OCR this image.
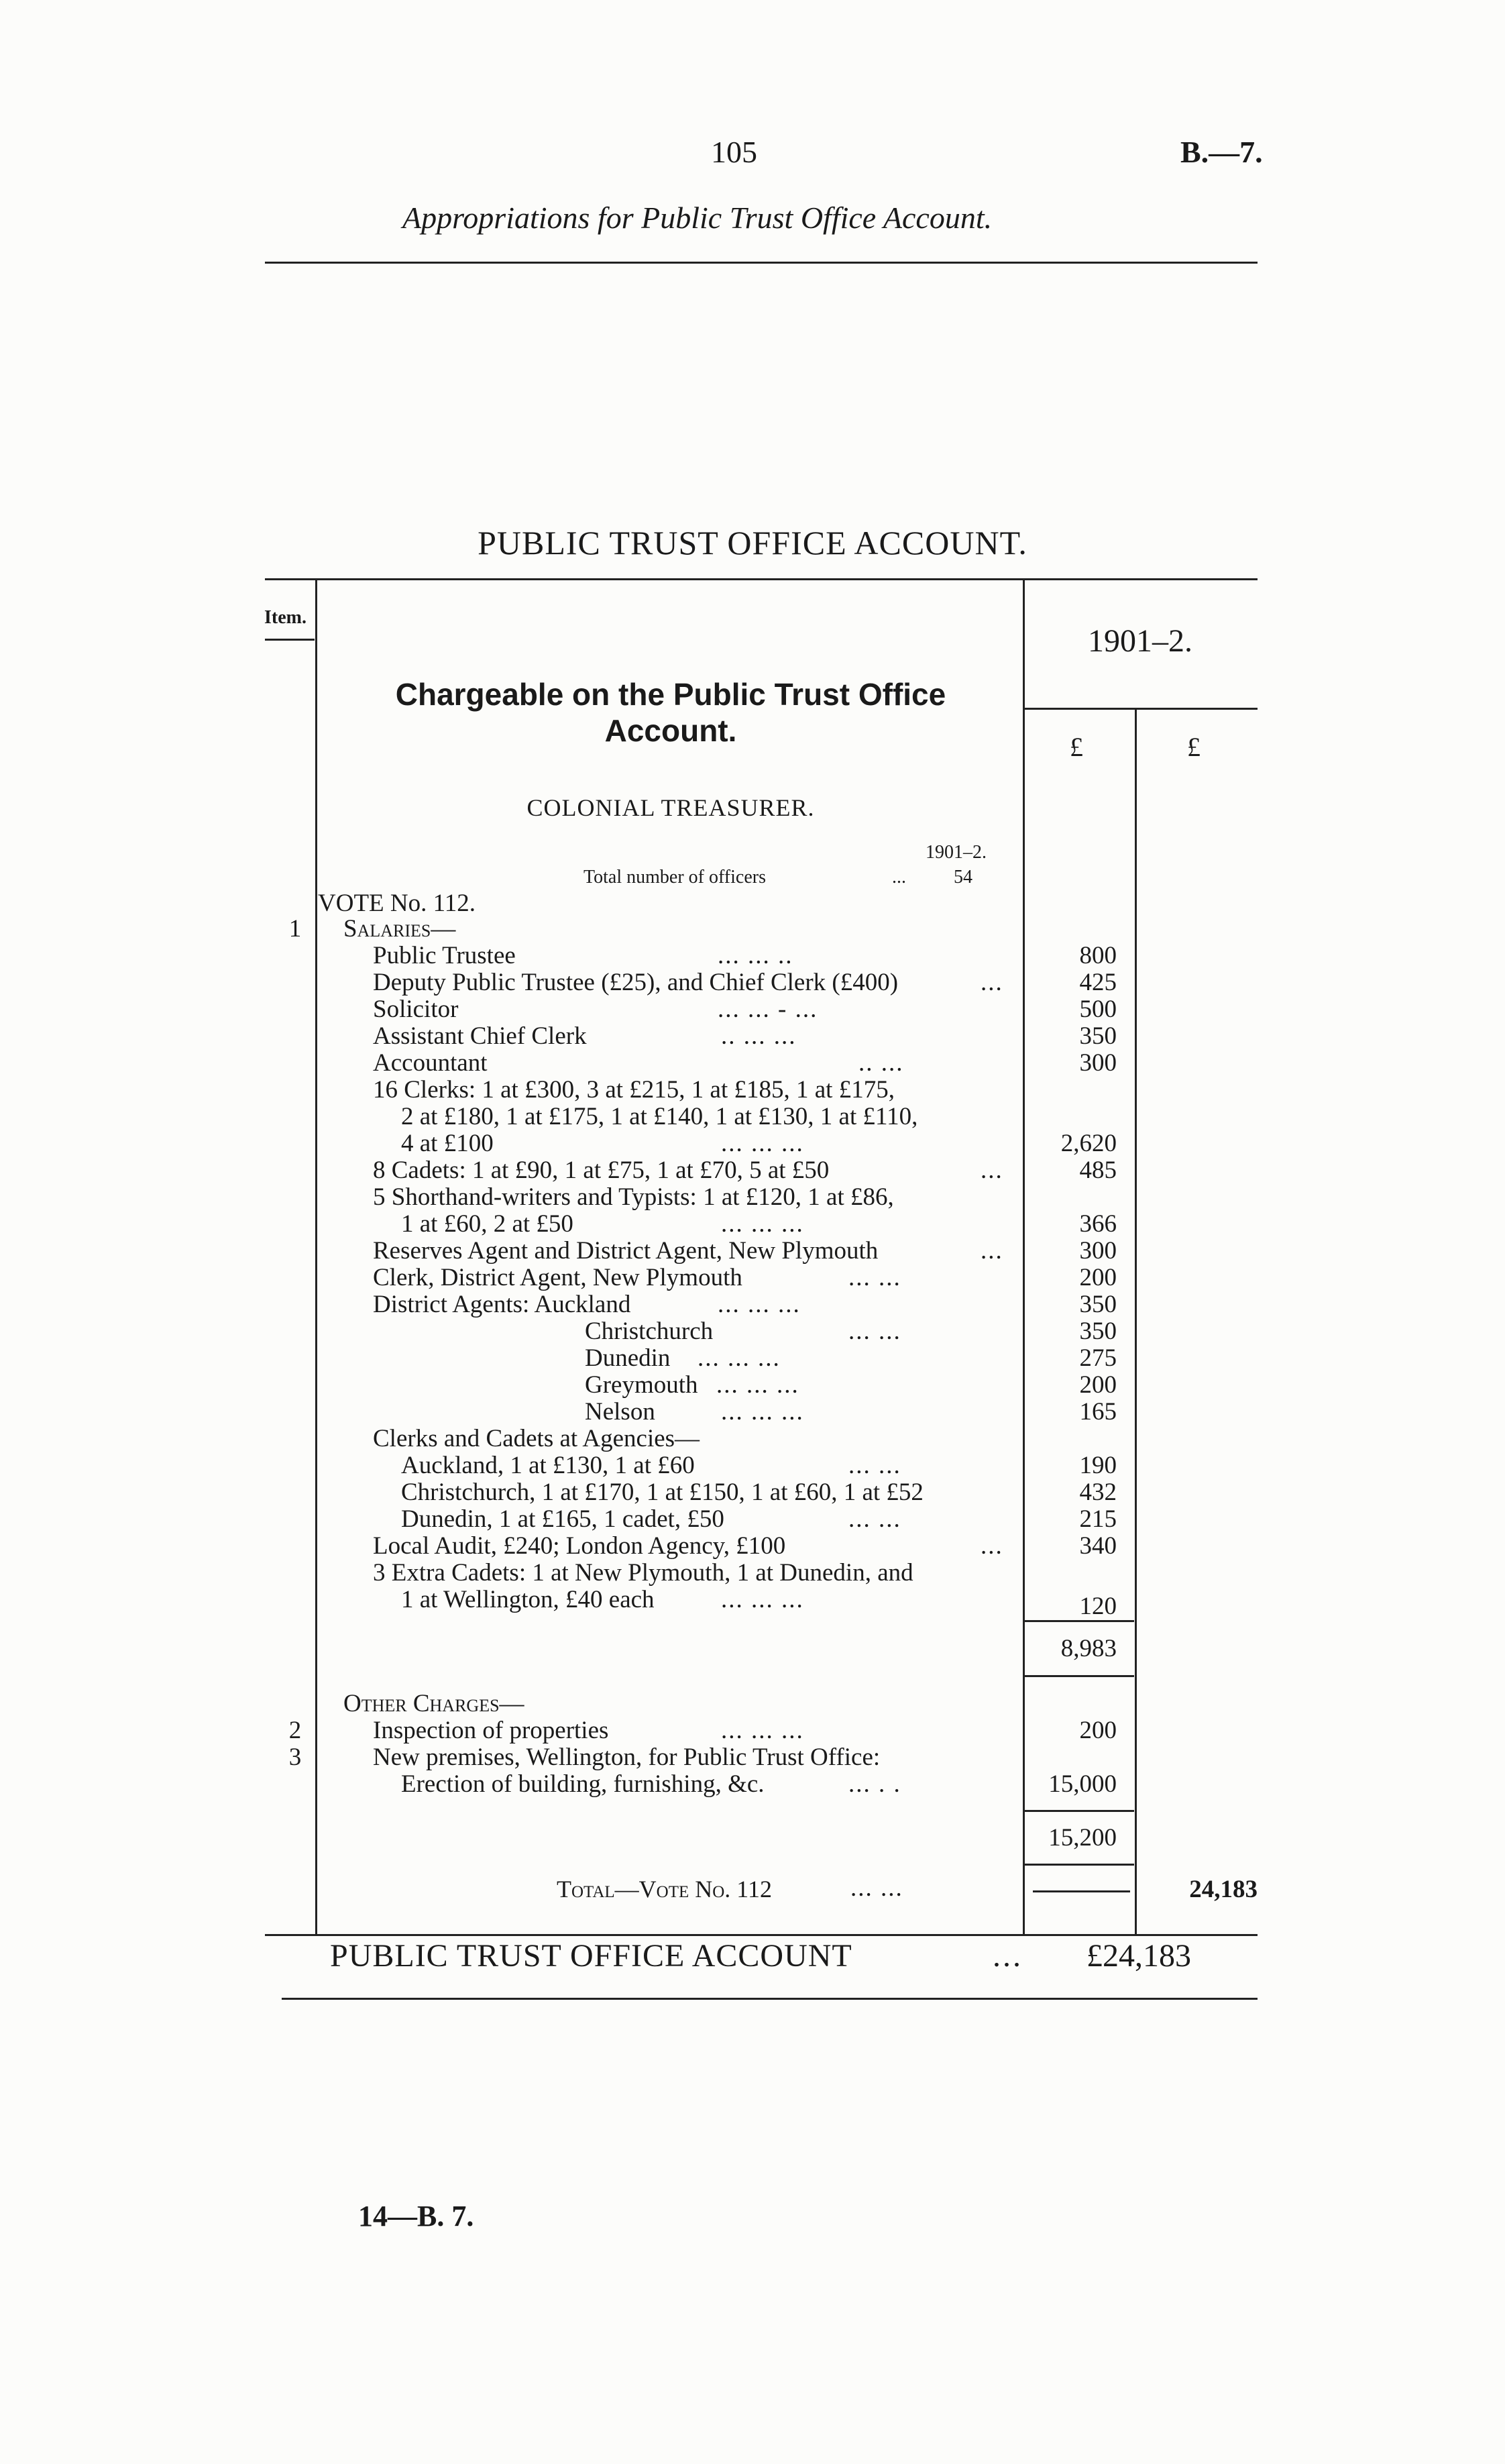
105	B.—7.
Appropriations for Public Trust Office Account.
PUBLIC TRUST OFFICE ACCOUNT.
Item.
1901–2.
Chargeable on the Public Trust Office Account.	£	£
COLONIAL TREASURER.
1901–2.
Total number of officers	...	54
VOTE No. 112.
1 Salaries—
Public Trustee	... ... ..	800
Deputy Public Trustee (£25), and Chief Clerk (£400)	...	425
Solicitor	... ... - ...	500
Assistant Chief Clerk	.. ... ...	350
Accountant	.. ...	300
16 Clerks: 1 at £300, 3 at £215, 1 at £185, 1 at £175,
2 at £180, 1 at £175, 1 at £140, 1 at £130, 1 at £110,
4 at £100	... ... ...	2,620
8 Cadets: 1 at £90, 1 at £75, 1 at £70, 5 at £50	...	485
5 Shorthand-writers and Typists: 1 at £120, 1 at £86,
1 at £60, 2 at £50	... ... ...	366
Reserves Agent and District Agent, New Plymouth	...	300
Clerk, District Agent, New Plymouth	... ...	200
District Agents: Auckland	... ... ...	350
Christchurch	... ...	350
Dunedin ... ... ...	275
Greymouth ... ... ...	200
Nelson	... ... ...	165
Clerks and Cadets at Agencies—
Auckland, 1 at £130, 1 at £60	... ...	190
Christchurch, 1 at £170, 1 at £150, 1 at £60, 1 at £52	432
Dunedin, 1 at £165, 1 cadet, £50	... ...	215
Local Audit, £240; London Agency, £100	...	340
3 Extra Cadets: 1 at New Plymouth, 1 at Dunedin, and
1 at Wellington, £40 each	... ... ...	120
8,983
Other Charges—
2	Inspection of properties	... ... ...	200
3	New premises, Wellington, for Public Trust Office:
Erection of building, furnishing, &c.	... . .	15,000
15,200
Total—Vote No. 112	... ...	24,183
PUBLIC TRUST OFFICE ACCOUNT	... £24,183
14—B. 7.
